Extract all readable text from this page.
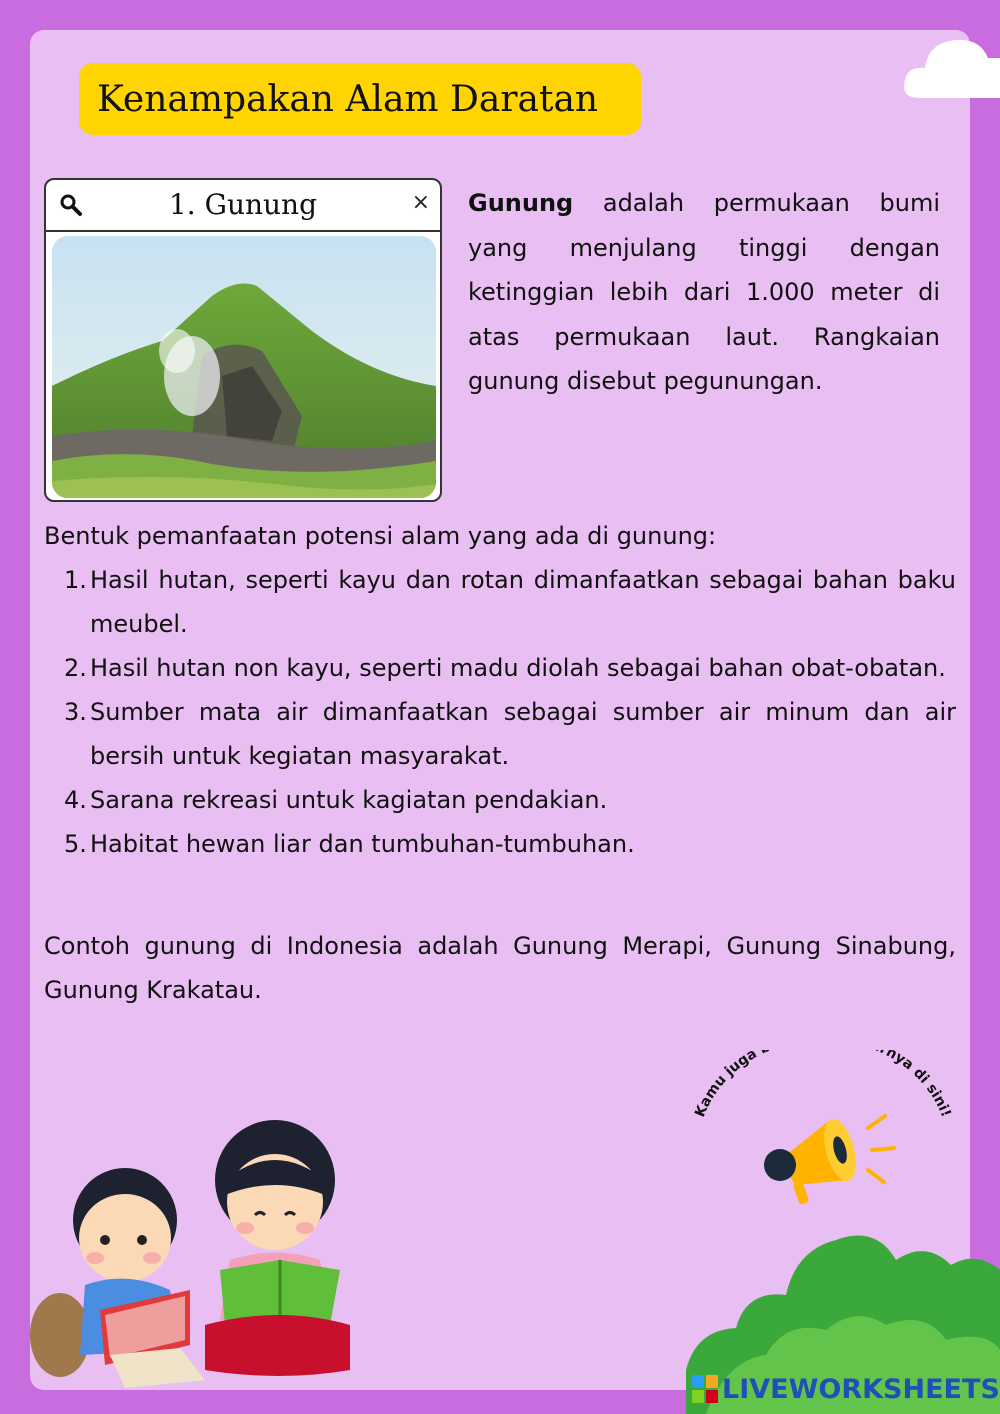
Kenampakan Alam Daratan
1. Gunung	× Gunung adalah permukaan bumi yang menjulang tinggi dengan ketinggian lebih dari 1.000 meter di atas permukaan laut. Rangkaian gunung disebut pegunungan.

Bentuk pemanfaatan potensi alam yang ada di gunung:

1. Hasil hutan, seperti kayu dan rotan dimanfaatkan sebagai bahan baku meubel.
2. Hasil hutan non kayu, seperti madu diolah sebagai bahan obat-obatan.
3. Sumber mata air dimanfaatkan sebagai sumber air minum dan air bersih untuk kegiatan masyarakat.
4. Sarana rekreasi untuk kagiatan pendakian.
5. Habitat hewan liar dan tumbuhan-tumbuhan.

Contoh gunung di Indonesia adalah Gunung Merapi, Gunung Sinabung, Gunung Krakatau.

Kamu juga nya di sini!
LIVEWORKSHEETS
